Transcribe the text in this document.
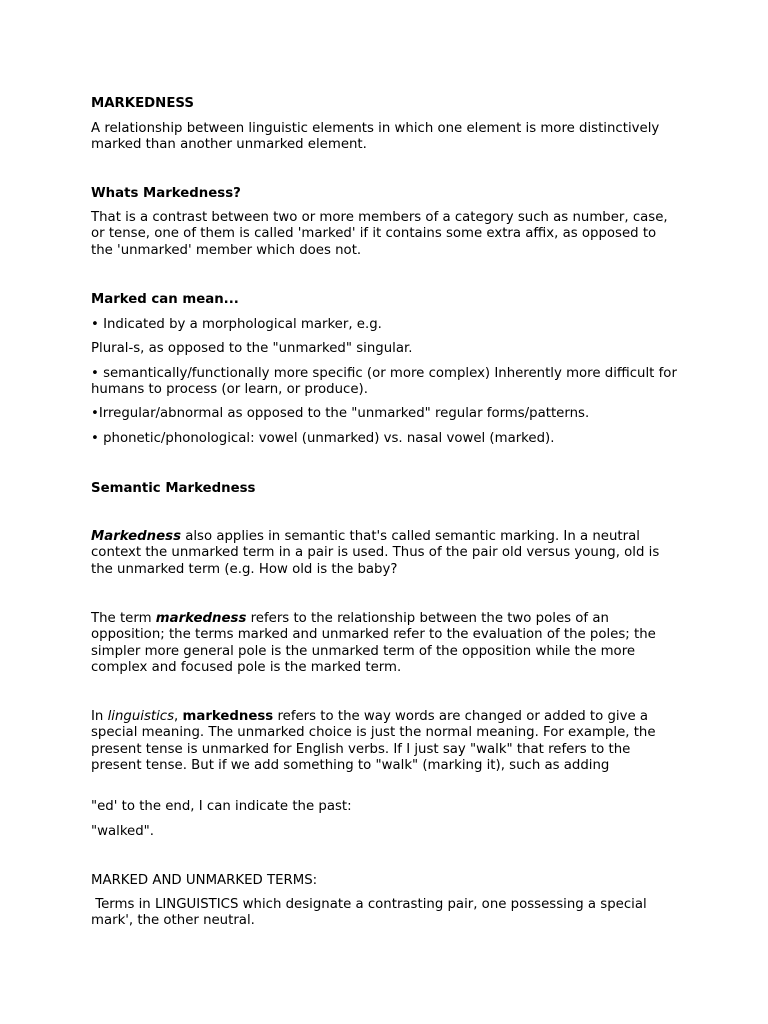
MARKEDNESS

A relationship between linguistic elements in which one element is more distinctively marked than another unmarked element.

Whats Markedness?

That is a contrast between two or more members of a category such as number, case, or tense, one of them is called 'marked' if it contains some extra affix, as opposed to the 'unmarked' member which does not.

Marked can mean...

• Indicated by a morphological marker, e.g.

Plural-s, as opposed to the "unmarked" singular.

• semantically/functionally more specific (or more complex) Inherently more difficult for humans to process (or learn, or produce).

•Irregular/abnormal as opposed to the "unmarked" regular forms/patterns.

• phonetic/phonological: vowel (unmarked) vs. nasal vowel (marked).

Semantic Markedness

Markedness also applies in semantic that's called semantic marking. In a neutral context the unmarked term in a pair is used. Thus of the pair old versus young, old is the unmarked term (e.g. How old is the baby?

The term markedness refers to the relationship between the two poles of an opposition; the terms marked and unmarked refer to the evaluation of the poles; the simpler more general pole is the unmarked term of the opposition while the more complex and focused pole is the marked term.

In linguistics, markedness refers to the way words are changed or added to give a special meaning. The unmarked choice is just the normal meaning. For example, the present tense is unmarked for English verbs. If I just say "walk" that refers to the present tense. But if we add something to "walk" (marking it), such as adding

"ed' to the end, I can indicate the past:

"walked".

MARKED AND UNMARKED TERMS:

Terms in LINGUISTICS which designate a contrasting pair, one possessing a special mark', the other neutral.
